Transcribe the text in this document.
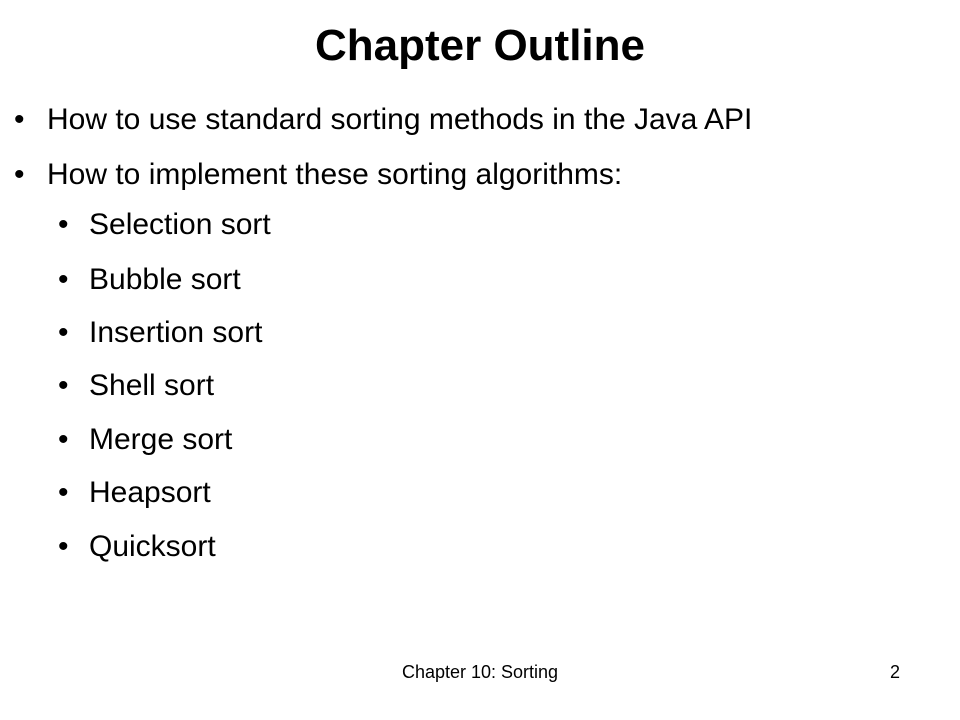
Chapter Outline
• How to use standard sorting methods in the Java API
• How to implement these sorting algorithms:
• Selection sort
• Bubble sort
• Insertion sort
• Shell sort
• Merge sort
• Heapsort
• Quicksort
Chapter 10: Sorting	2
